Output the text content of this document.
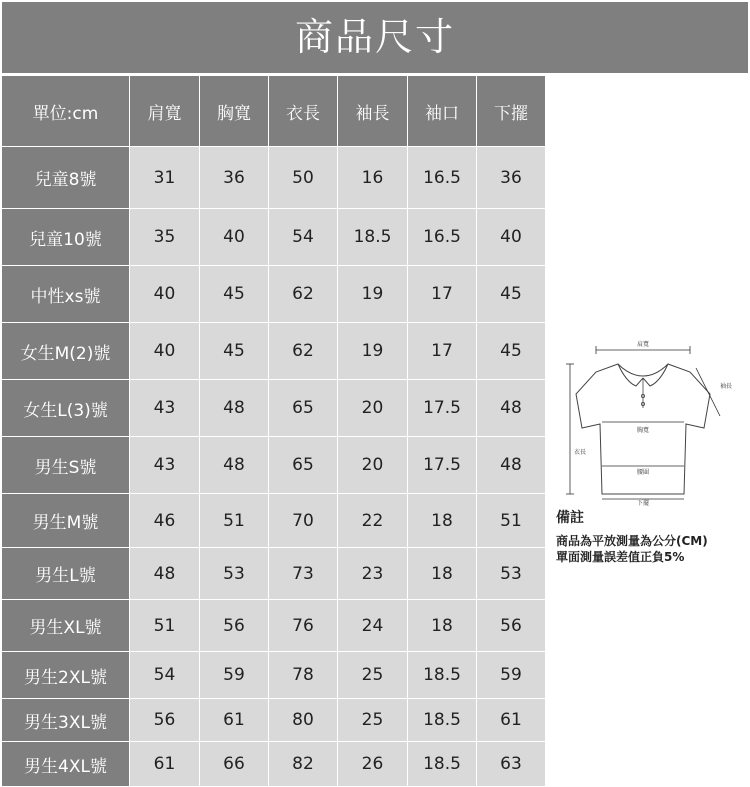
商品尺寸
單位:cm	肩寬	胸寬	衣長	袖長	袖口	下擺
兒童8號	31	36	50	16	16.5	36
兒童10號	35	40	54	18.5	16.5	40
中性xs號	40	45	62	19	17	45
女生M(2)號	40	45	62	19	17	45
女生L(3)號	43	48	65	20	17.5	48
男生S號	43	48	65	20	17.5	48
男生M號	46	51	70	22	18	51
男生L號	48	53	73	23	18	53
男生XL號	51	56	76	24	18	56
男生2XL號	54	59	78	25	18.5	59
男生3XL號	56	61	80	25	18.5	61
男生4XL號	61	66	82	26	18.5	63
肩寬
袖長
胸寬
衣長
腰圍
下擺
備註
商品為平放測量為公分(CM)
單面測量誤差值正負5%
